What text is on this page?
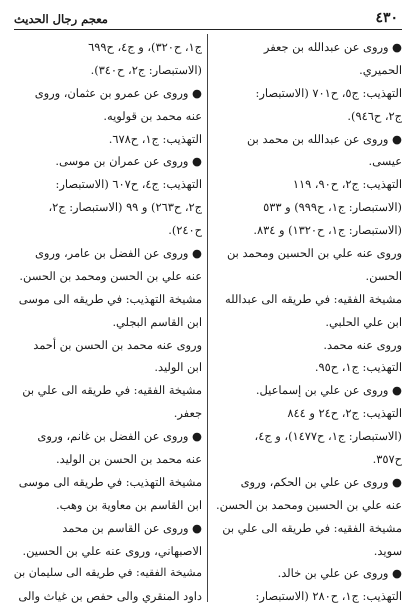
٤٣٠
معجم رجال الحديث
● وروى عن عبدالله بن جعفر
الحميري.
التهذيب: ج٥، ح٧٠١ (الاستبصار:
ج٢، ح٩٤٦).
● وروى عن عبدالله بن محمد بن
عيسى.
التهذيب: ج٢، ح٩٠، ١١٩
(الاستبصار: ج١، ح٩٩٩) و ٥٣٣
(الاستبصار: ج١، ح١٣٢٠) و ٨٣٤.
وروى عنه علي بن الحسين ومحمد بن
الحسن.
مشيخة الفقيه: في طريقه الى عبدالله
ابن علي الحلبي.
وروى عنه محمد.
التهذيب: ج١، ح٩٥.
● وروى عن علي بن إسماعيل.
التهذيب: ج٢، ح٢٤ و ٨٤٤
(الاستبصار: ج١، ح١٤٧٧)، و ج٤،
ح٣٥٧.
● وروى عن علي بن الحكم، وروى
عنه علي بن الحسين ومحمد بن الحسن.
مشيخة الفقيه: في طريقه الى علي بن
سويد.
● وروى عن علي بن خالد.
التهذيب: ج١، ح٢٨٠ (الاستبصار:
ج١، ح٣٢٠)، و ج٤، ح٦٩٩
(الاستبصار: ج٢، ح٣٤٠).
● وروى عن عمرو بن عثمان، وروى
عنه محمد بن قولويه.
التهذيب: ج١، ح٦٧٨.
● وروى عن عمران بن موسى.
التهذيب: ج٤، ح٦٠٧ (الاستبصار:
ج٢، ح٢٦٣) و ٩٩ (الاستبصار: ج٢،
ح٢٤٠).
● وروى عن الفضل بن عامر، وروى
عنه علي بن الحسن ومحمد بن الحسن.
مشيخة التهذيب: في طريقه الى موسى
ابن القاسم البجلي.
وروى عنه محمد بن الحسن بن أحمد
ابن الوليد.
مشيخة الفقيه: في طريقه الى علي بن
جعفر.
● وروى عن الفضل بن غانم، وروى
عنه محمد بن الحسن بن الوليد.
مشيخة التهذيب: في طريقه الى موسى
ابن القاسم بن معاوية بن وهب.
● وروى عن القاسم بن محمد
الاصبهاني، وروى عنه علي بن الحسين.
مشيخة الفقيه: في طريقه الى سليمان بن
داود المنقري والى حفص بن غياث والى
